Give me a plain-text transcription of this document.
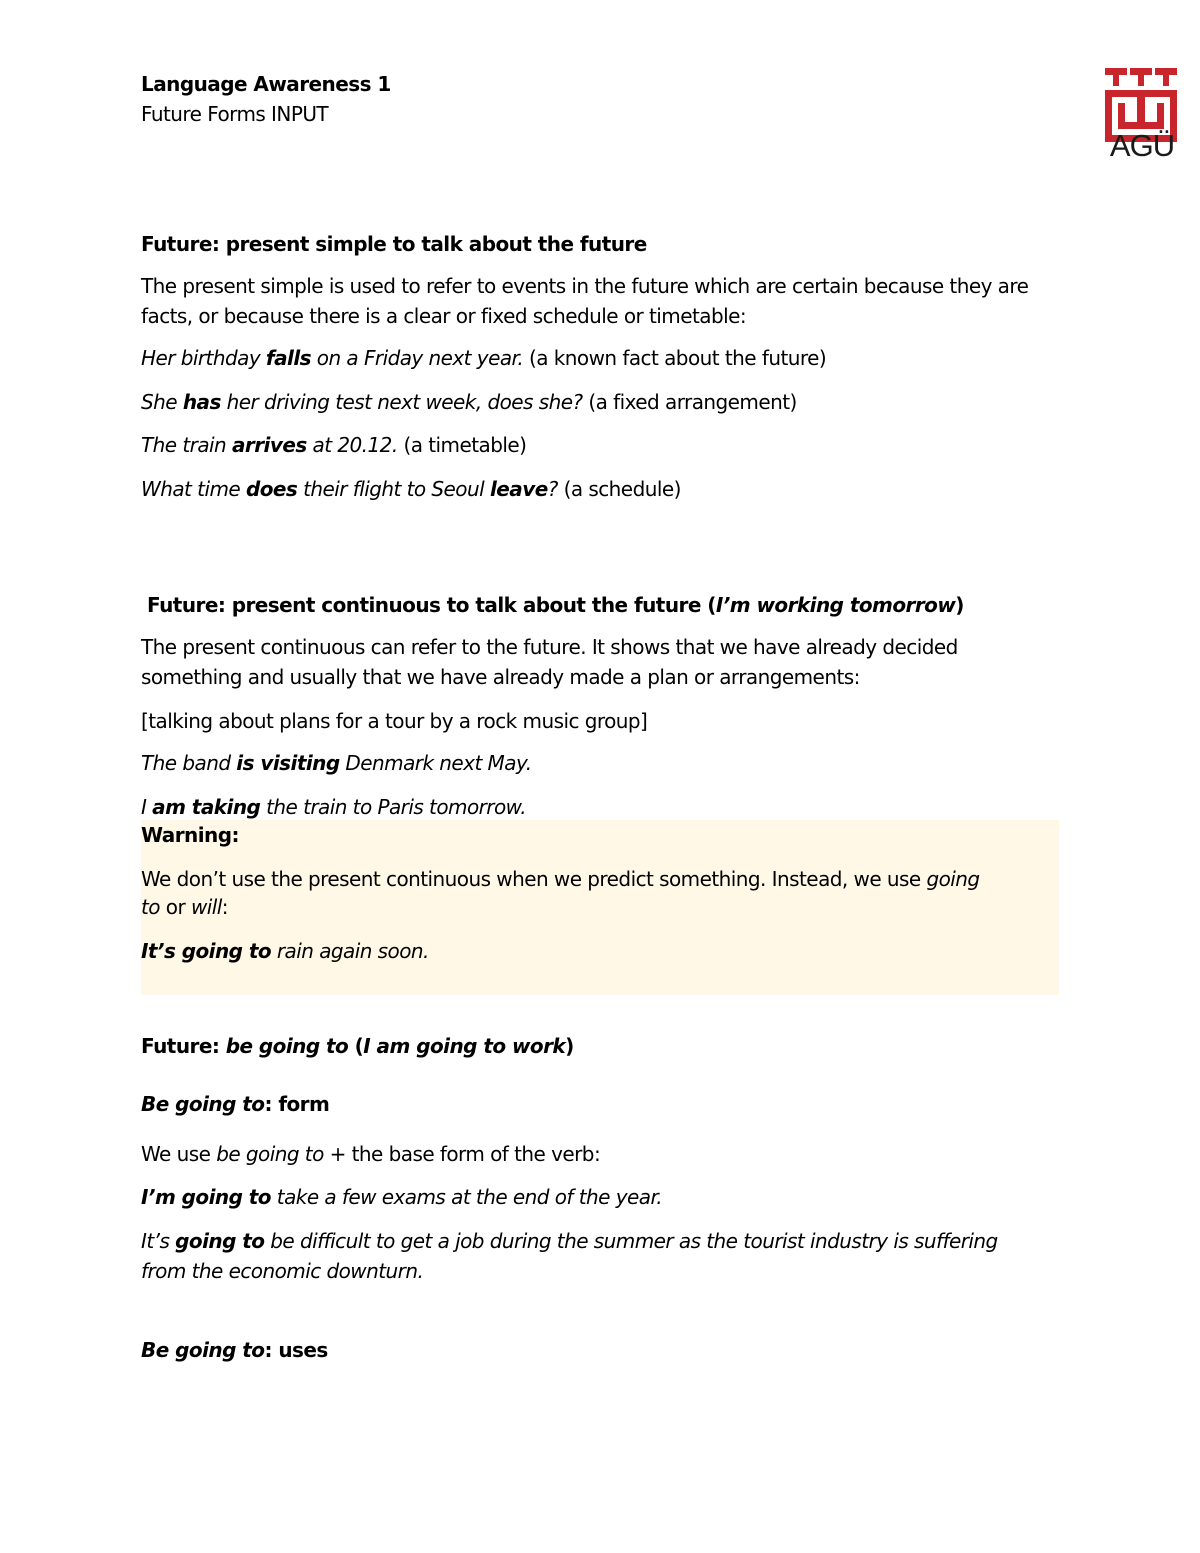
AGÜ
Language Awareness 1
Future Forms INPUT
Future: present simple to talk about the future
The present simple is used to refer to events in the future which are certain because they are facts, or because there is a clear or fixed schedule or timetable:
Her birthday falls on a Friday next year. (a known fact about the future)
She has her driving test next week, does she? (a fixed arrangement)
The train arrives at 20.12. (a timetable)
What time does their flight to Seoul leave? (a schedule)
Future: present continuous to talk about the future (I’m working tomorrow)
The present continuous can refer to the future. It shows that we have already decided something and usually that we have already made a plan or arrangements:
[talking about plans for a tour by a rock music group]
The band is visiting Denmark next May.
I am taking the train to Paris tomorrow.
Warning:
We don’t use the present continuous when we predict something. Instead, we use going
to or will:
It’s going to rain again soon.
Future: be going to (I am going to work)
Be going to: form
We use be going to + the base form of the verb:
I’m going to take a few exams at the end of the year.
It’s going to be difficult to get a job during the summer as the tourist industry is suffering from the economic downturn.
Be going to: uses
